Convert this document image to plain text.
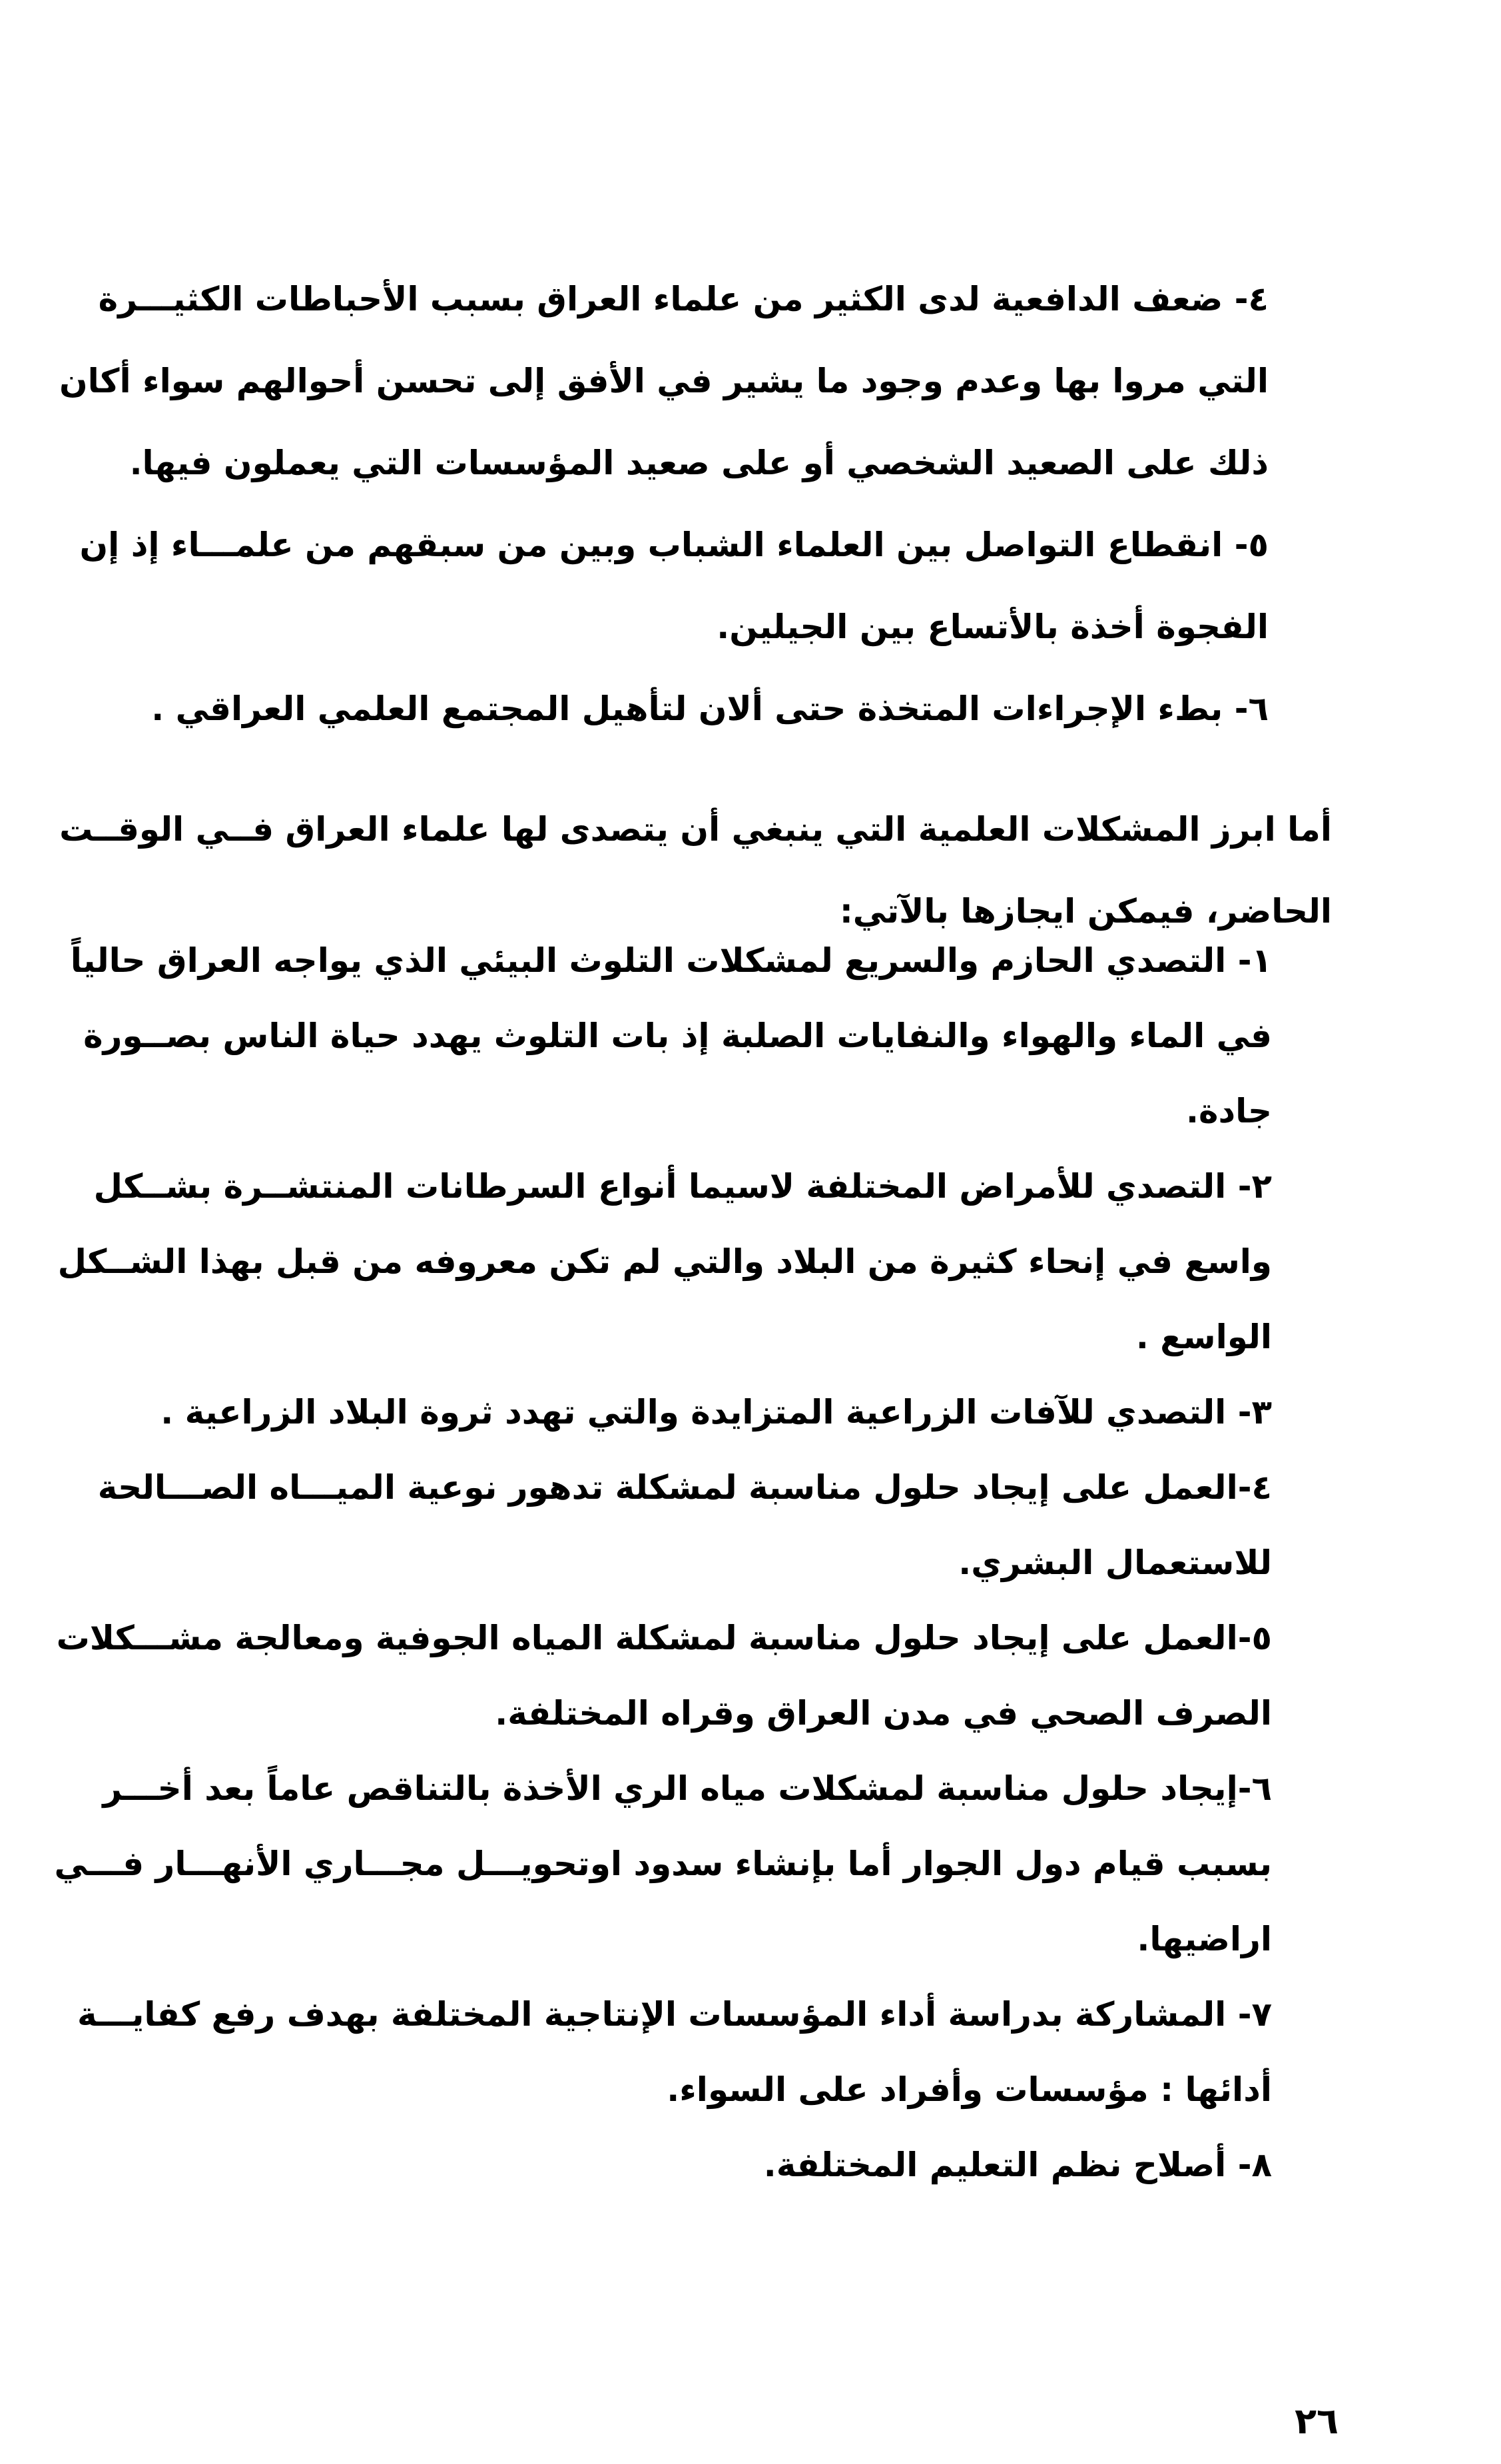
٤- ضعف الدافعية لدى الكثير من علماء العراق بسبب الأحباطات الكثيـــرة
التي مروا بها وعدم وجود ما يشير في الأفق إلى تحسن أحوالهم سواء أكان
ذلك على الصعيد الشخصي أو على صعيد المؤسسات التي يعملون فيها.
٥- انقطاع التواصل بين العلماء الشباب وبين من سبقهم من علمـــاء إذ إن
الفجوة أخذة بالأتساع بين الجيلين.
٦- بطء الإجراءات المتخذة حتى ألان لتأهيل المجتمع العلمي العراقي .
أما ابرز المشكلات العلمية التي ينبغي أن يتصدى لها علماء العراق فــي الوقــت
الحاضر، فيمكن ايجازها بالآتي:
١- التصدي الحازم والسريع لمشكلات التلوث البيئي الذي يواجه العراق حالياً
في الماء والهواء والنفايات الصلبة إذ بات التلوث يهدد حياة الناس بصــورة
جادة.
٢- التصدي للأمراض المختلفة لاسيما أنواع السرطانات المنتشــرة بشــكل
واسع في إنحاء كثيرة من البلاد والتي لم تكن معروفه من قبل بهذا الشــكل
الواسع .
٣- التصدي للآفات الزراعية المتزايدة والتي تهدد ثروة البلاد الزراعية .
٤-العمل على إيجاد حلول مناسبة لمشكلة تدهور نوعية الميـــاه الصـــالحة
للاستعمال البشري.
٥-العمل على إيجاد حلول مناسبة لمشكلة المياه الجوفية ومعالجة مشـــكلات
الصرف الصحي في مدن العراق وقراه المختلفة.
٦-إيجاد حلول مناسبة لمشكلات مياه الري الأخذة بالتناقص عاماً بعد أخـــر
بسبب قيام دول الجوار أما بإنشاء سدود اوتحويـــل مجـــاري الأنهـــار فـــي
اراضيها.
٧- المشاركة بدراسة أداء المؤسسات الإنتاجية المختلفة بهدف رفع كفايـــة
أدائها : مؤسسات وأفراد على السواء.
٨- أصلاح نظم التعليم المختلفة.
٢٦
